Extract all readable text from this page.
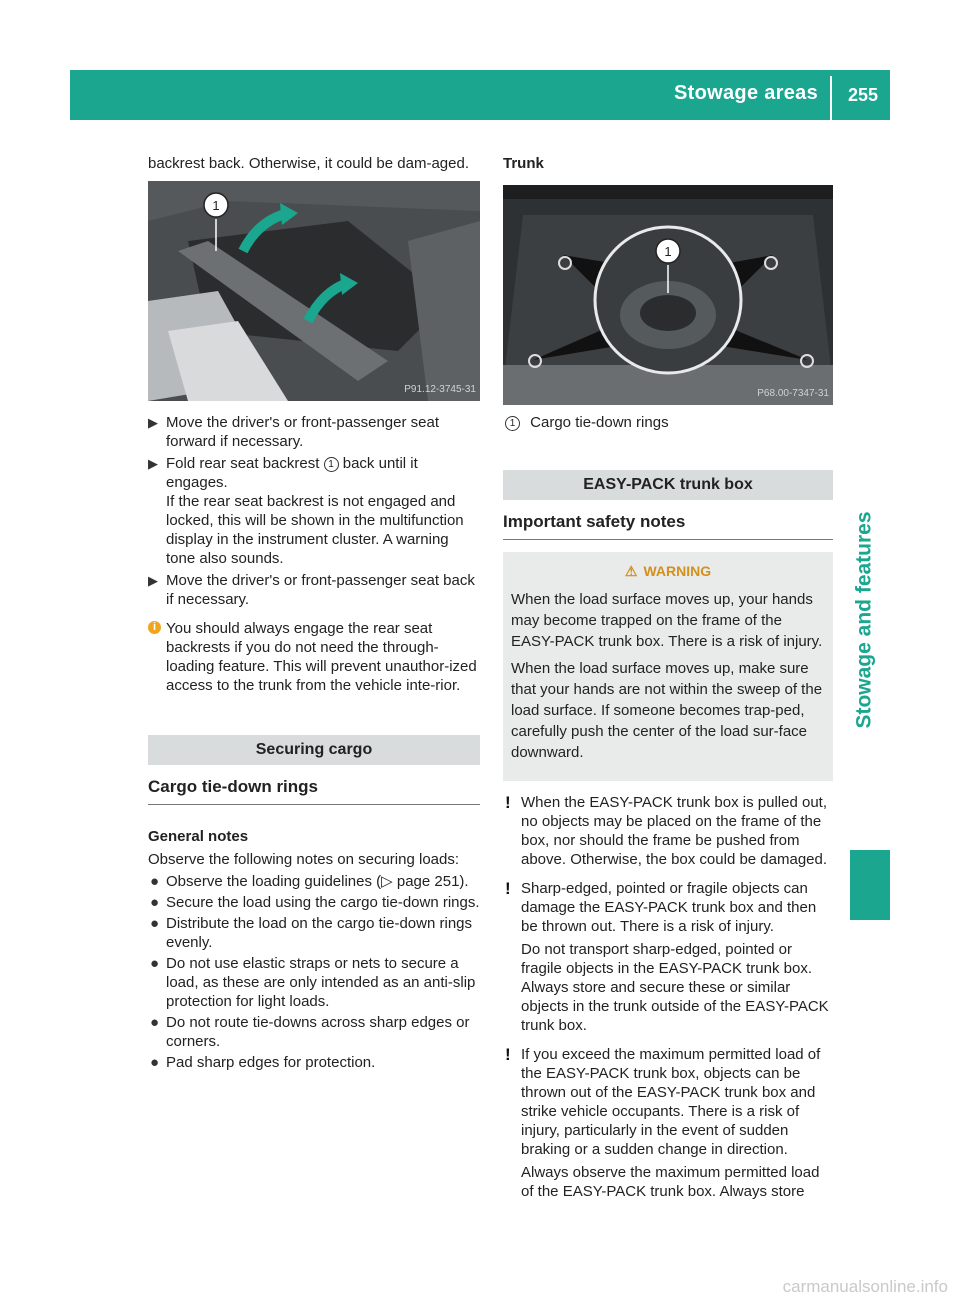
Stowage areas 255
Stowage and features

backrest back. Otherwise, it could be dam-aged.

1
P91.12-3745-31
▶ Move the driver's or front-passenger seat forward if necessary.
▶ Fold rear seat backrest 1 back until it engages.
If the rear seat backrest is not engaged and locked, this will be shown in the multifunction display in the instrument cluster. A warning tone also sounds.
▶ Move the driver's or front-passenger seat back if necessary.
i You should always engage the rear seat backrests if you do not need the through-loading feature. This will prevent unauthor-ized access to the trunk from the vehicle inte-rior.
Securing cargo
Cargo tie-down rings
General notes

Observe the following notes on securing loads:

● Observe the loading guidelines (▷ page 251).
● Secure the load using the cargo tie-down rings.
● Distribute the load on the cargo tie-down rings evenly.
● Do not use elastic straps or nets to secure a load, as these are only intended as an anti-slip protection for light loads.
● Do not route tie-downs across sharp edges or corners.
● Pad sharp edges for protection.
Trunk
1
P68.00-7347-31
1 Cargo tie-down rings
EASY-PACK trunk box
Important safety notes
⚠ WARNING

When the load surface moves up, your hands may become trapped on the frame of the EASY-PACK trunk box. There is a risk of injury.

When the load surface moves up, make sure that your hands are not within the sweep of the load surface. If someone becomes trap-ped, carefully push the center of the load sur-face downward.

! When the EASY-PACK trunk box is pulled out, no objects may be placed on the frame of the box, nor should the frame be pushed from above. Otherwise, the box could be damaged.

! Sharp-edged, pointed or fragile objects can damage the EASY-PACK trunk box and then be thrown out. There is a risk of injury.

Do not transport sharp-edged, pointed or fragile objects in the EASY-PACK trunk box. Always store and secure these or similar objects in the trunk outside of the EASY-PACK trunk box.

! If you exceed the maximum permitted load of the EASY-PACK trunk box, objects can be thrown out of the EASY-PACK trunk box and strike vehicle occupants. There is a risk of injury, particularly in the event of sudden braking or a sudden change in direction.

Always observe the maximum permitted load of the EASY-PACK trunk box. Always store

carmanualsonline.info
